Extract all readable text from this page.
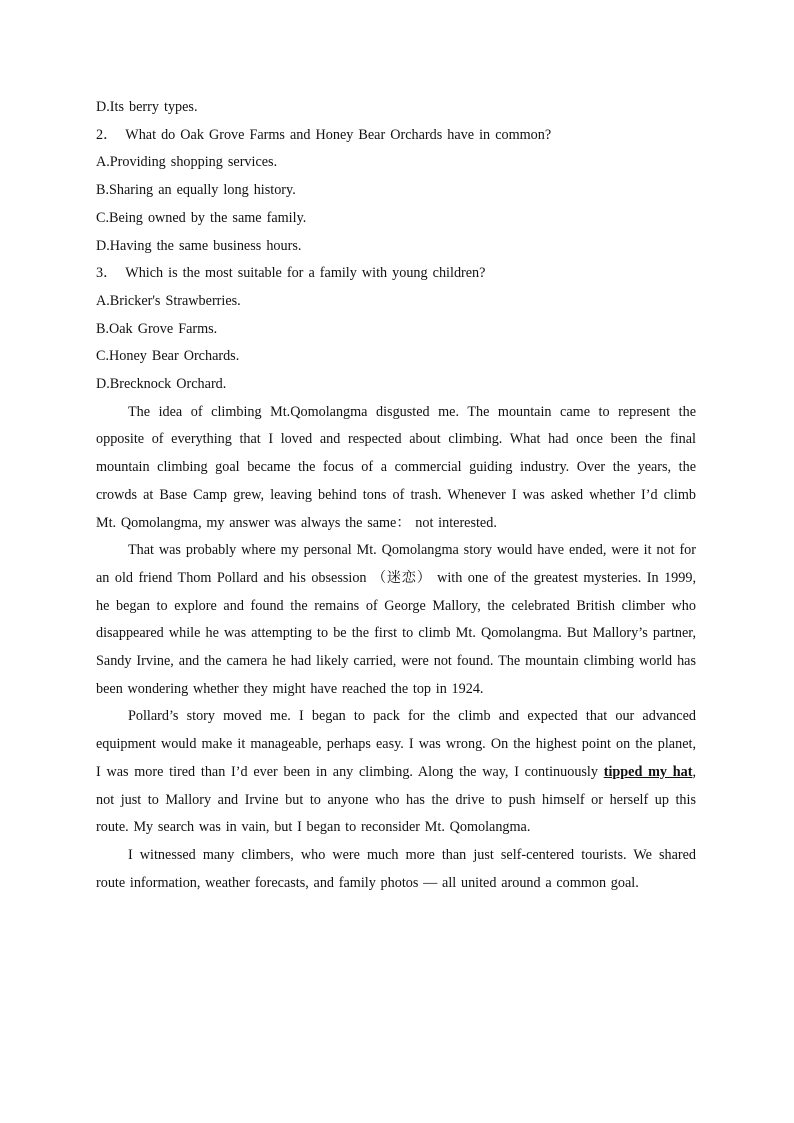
D.Its berry types.
2． What do Oak Grove Farms and Honey Bear Orchards have in common?
A.Providing shopping services.
B.Sharing an equally long history.
C.Being owned by the same family.
D.Having the same business hours.
3． Which is the most suitable for a family with young children?
A.Bricker's Strawberries.
B.Oak Grove Farms.
C.Honey Bear Orchards.
D.Brecknock Orchard.

The idea of climbing Mt.Qomolangma disgusted me. The mountain came to represent the opposite of everything that I loved and respected about climbing. What had once been the final mountain climbing goal became the focus of a commercial guiding industry. Over the years, the crowds at Base Camp grew, leaving behind tons of trash. Whenever I was asked whether I’d climb Mt. Qomolangma, my answer was always the same： not interested.

That was probably where my personal Mt. Qomolangma story would have ended, were it not for an old friend Thom Pollard and his obsession （迷恋） with one of the greatest mysteries. In 1999, he began to explore and found the remains of George Mallory, the celebrated British climber who disappeared while he was attempting to be the first to climb Mt. Qomolangma. But Mallory’s partner, Sandy Irvine, and the camera he had likely carried, were not found. The mountain climbing world has been wondering whether they might have reached the top in 1924.

Pollard’s story moved me. I began to pack for the climb and expected that our advanced equipment would make it manageable, perhaps easy. I was wrong. On the highest point on the planet, I was more tired than I’d ever been in any climbing. Along the way, I continuously tipped my hat, not just to Mallory and Irvine but to anyone who has the drive to push himself or herself up this route. My search was in vain, but I began to reconsider Mt. Qomolangma.

I witnessed many climbers, who were much more than just self-centered tourists. We shared route information, weather forecasts, and family photos — all united around a common goal.
